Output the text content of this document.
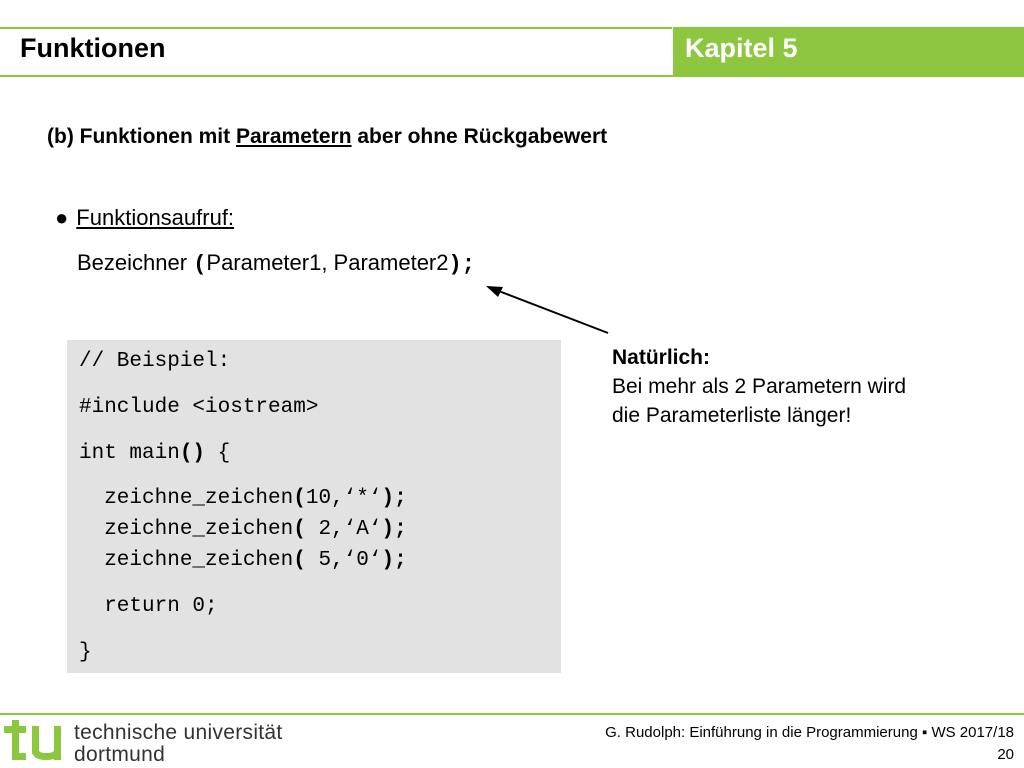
Funktionen	Kapitel 5
(b) Funktionen mit Parametern aber ohne Rückgabewert
● Funktionsaufruf:
Bezeichner (Parameter1, Parameter2);
// Beispiel:
#include <iostream>
int main() {
zeichne_zeichen(10,‘*‘);
zeichne_zeichen( 2,‘A‘);
zeichne_zeichen( 5,‘0‘);
return 0;
}
Natürlich:
Bei mehr als 2 Parametern wird
die Parameterliste länger!
technische universität
dortmund
G. Rudolph: Einführung in die Programmierung ▪ WS 2017/18
20
